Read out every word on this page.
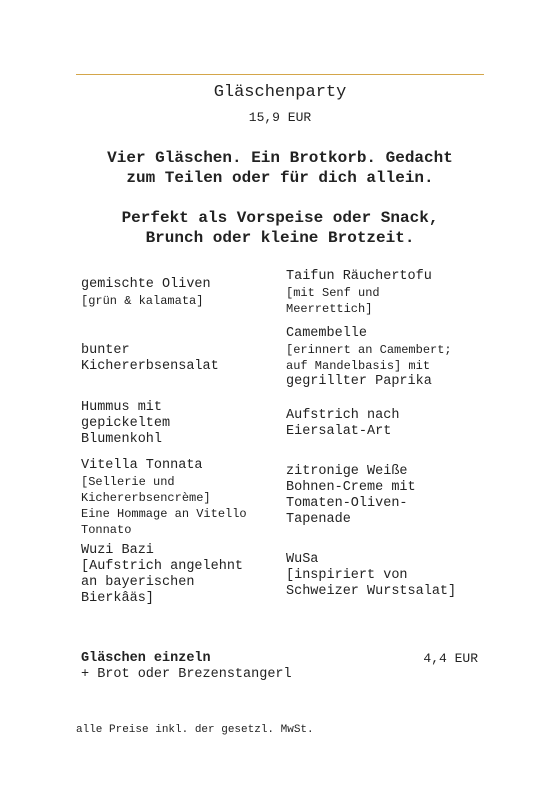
Gläschenparty
15,9 EUR

Vier Gläschen. Ein Brotkorb. Gedacht

zum Teilen oder für dich allein.

Perfekt als Vorspeise oder Snack,

Brunch oder kleine Brotzeit.

gemischte Oliven
[grün & kalamata]
bunter
Kichererbsensalat
Hummus mit
gepickeltem
Blumenkohl
Vitella Tonnata
[Sellerie und
Kichererbsencrème]
Eine Hommage an Vitello
Tonnato
Wuzi Bazi
[Aufstrich angelehnt
an bayerischen
Bierkâäs]
Taifun Räuchertofu
[mit Senf und
Meerrettich]
Camembelle
[erinnert an Camembert;
auf Mandelbasis] mit
gegrillter Paprika
Aufstrich nach
Eiersalat-Art
zitronige Weiße
Bohnen-Creme mit
Tomaten-Oliven-
Tapenade
WuSa
[inspiriert von
Schweizer Wurstsalat]
Gläschen einzeln	4,4 EUR
+ Brot oder Brezenstangerl
alle Preise inkl. der gesetzl. MwSt.
